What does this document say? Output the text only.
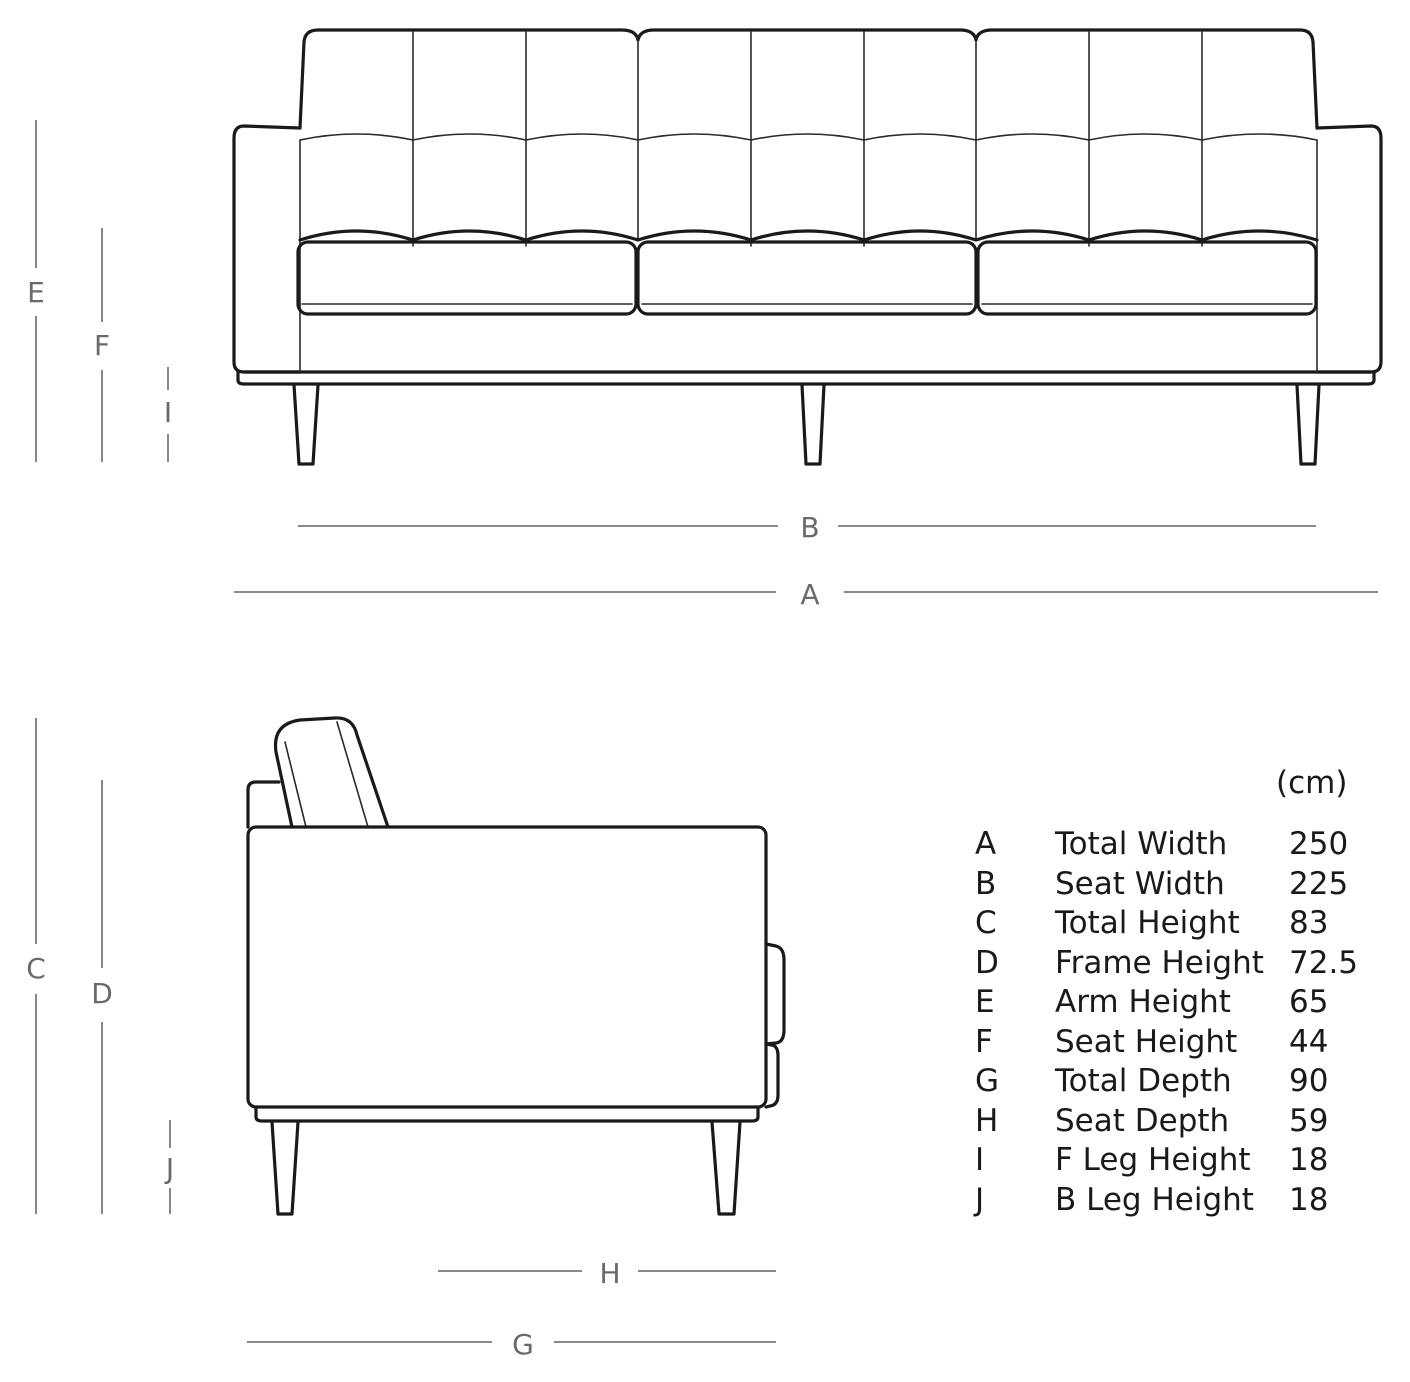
B
A
E
F
I
C
D
J
H
G
(cm)
A Total Width 250
B Seat Width 225
C Total Height 83
D Frame Height 72.5
E Arm Height 65
F Seat Height 44
G Total Depth 90
H Seat Depth 59
I F Leg Height 18
J B Leg Height 18
